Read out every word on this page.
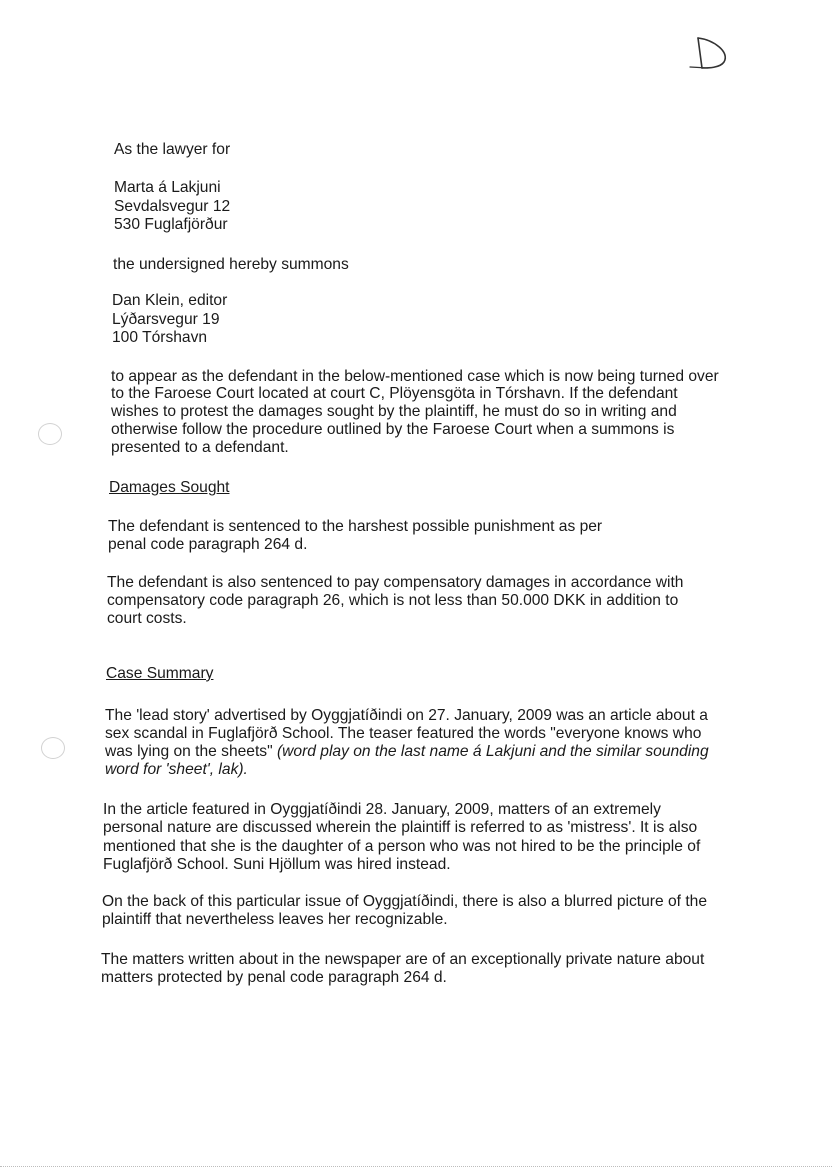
As the lawyer for
Marta á Lakjuni
Sevdalsvegur 12
530 Fuglafjörður
the undersigned hereby summons
Dan Klein, editor
Lýðarsvegur 19
100 Tórshavn
to appear as the defendant in the below-mentioned case which is now being turned over
to the Faroese Court located at court C, Plöyensgöta in Tórshavn. If the defendant
wishes to protest the damages sought by the plaintiff, he must do so in writing and
otherwise follow the procedure outlined by the Faroese Court when a summons is
presented to a defendant.
Damages Sought
The defendant is sentenced to the harshest possible punishment as per
penal code paragraph 264 d.
The defendant is also sentenced to pay compensatory damages in accordance with
compensatory code paragraph 26, which is not less than 50.000 DKK in addition to
court costs.
Case Summary
The 'lead story' advertised by Oyggjatíðindi on 27. January, 2009 was an article about a
sex scandal in Fuglafjörð School. The teaser featured the words "everyone knows who
was lying on the sheets" (word play on the last name á Lakjuni and the similar sounding
word for 'sheet', lak).
In the article featured in Oyggjatíðindi 28. January, 2009, matters of an extremely
personal nature are discussed wherein the plaintiff is referred to as 'mistress'. It is also
mentioned that she is the daughter of a person who was not hired to be the principle of
Fuglafjörð School. Suni Hjöllum was hired instead.
On the back of this particular issue of Oyggjatíðindi, there is also a blurred picture of the
plaintiff that nevertheless leaves her recognizable.
The matters written about in the newspaper are of an exceptionally private nature about
matters protected by penal code paragraph 264 d.
